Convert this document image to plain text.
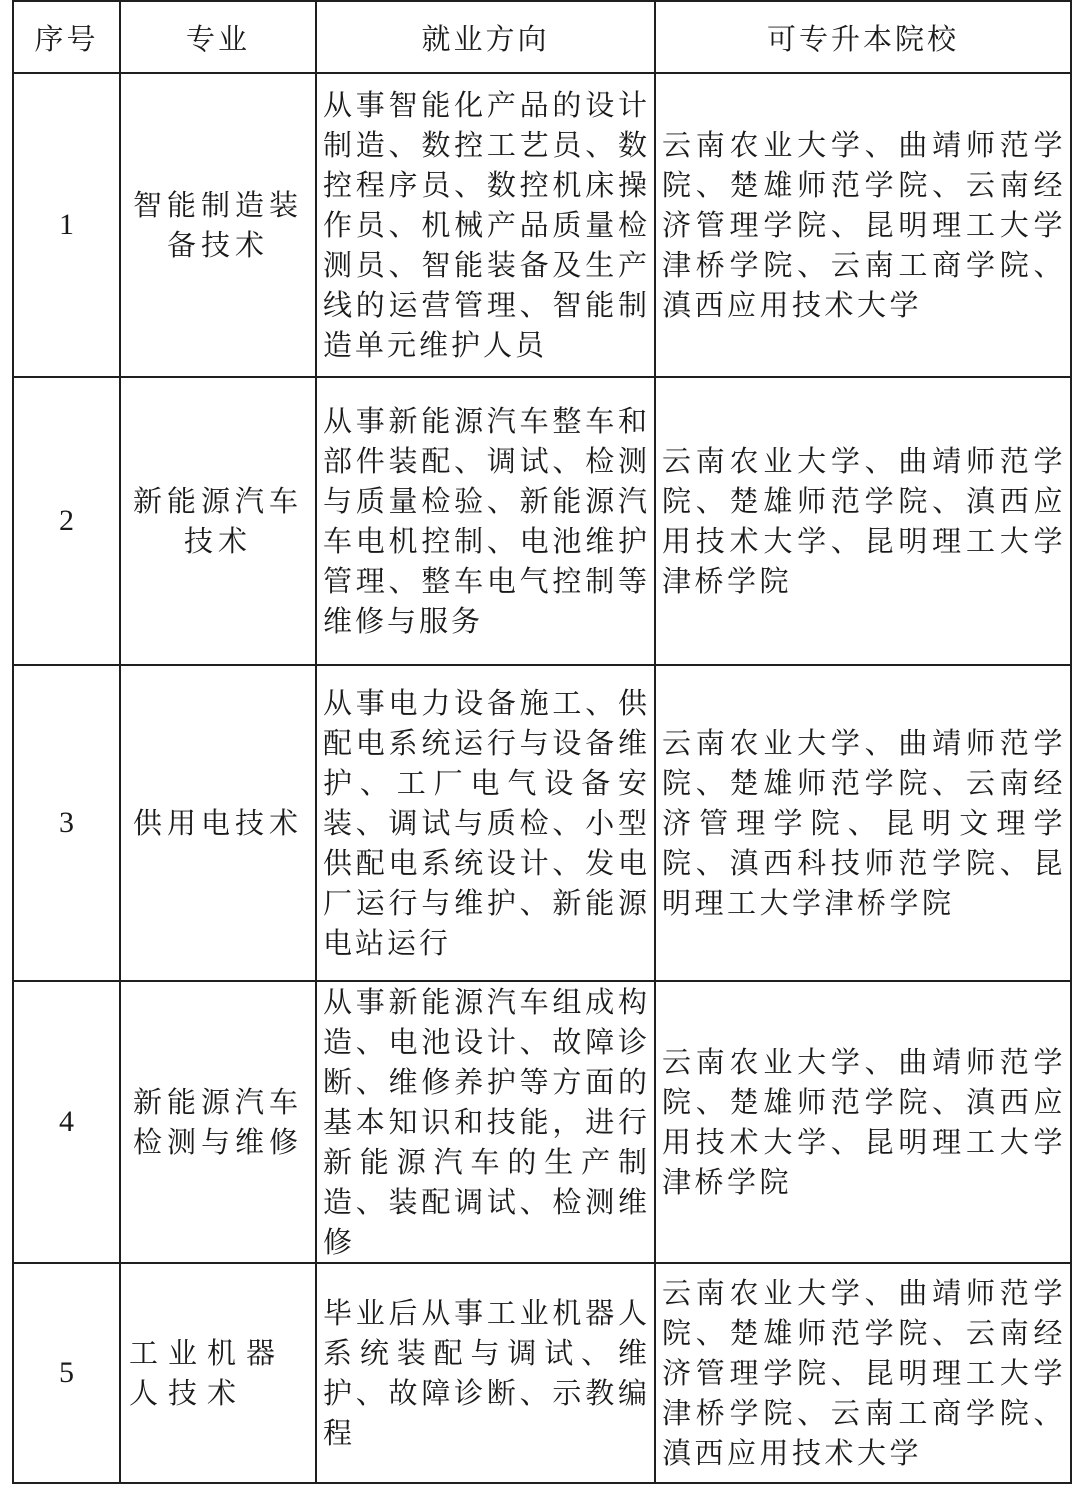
序号	专业	就业方向	可专升本院校
1	智能制造装备技术	从事智能化产品的设计制造、数控工艺员、数控程序员、数控机床操作员、机械产品质量检测员、智能装备及生产线的运营管理、智能制造单元维护人员	云南农业大学、曲靖师范学院、楚雄师范学院、云南经济管理学院、昆明理工大学津桥学院、云南工商学院、滇西应用技术大学
2	新能源汽车技术	从事新能源汽车整车和部件装配、调试、检测与质量检验、新能源汽车电机控制、电池维护管理、整车电气控制等维修与服务	云南农业大学、曲靖师范学院、楚雄师范学院、滇西应用技术大学、昆明理工大学津桥学院
3	供用电技术	从事电力设备施工、供配电系统运行与设备维护、工厂电气设备安装、调试与质检、小型供配电系统设计、发电厂运行与维护、新能源电站运行	云南农业大学、曲靖师范学院、楚雄师范学院、云南经济管理学院、昆明文理学院、滇西科技师范学院、昆明理工大学津桥学院
4	新能源汽车检测与维修	从事新能源汽车组成构造、电池设计、故障诊断、维修养护等方面的基本知识和技能，进行新能源汽车的生产制造、装配调试、检测维修	云南农业大学、曲靖师范学院、楚雄师范学院、滇西应用技术大学、昆明理工大学津桥学院
5	工业机器人技术	毕业后从事工业机器人系统装配与调试、维护、故障诊断、示教编程	云南农业大学、曲靖师范学院、楚雄师范学院、云南经济管理学院、昆明理工大学津桥学院、云南工商学院、滇西应用技术大学
